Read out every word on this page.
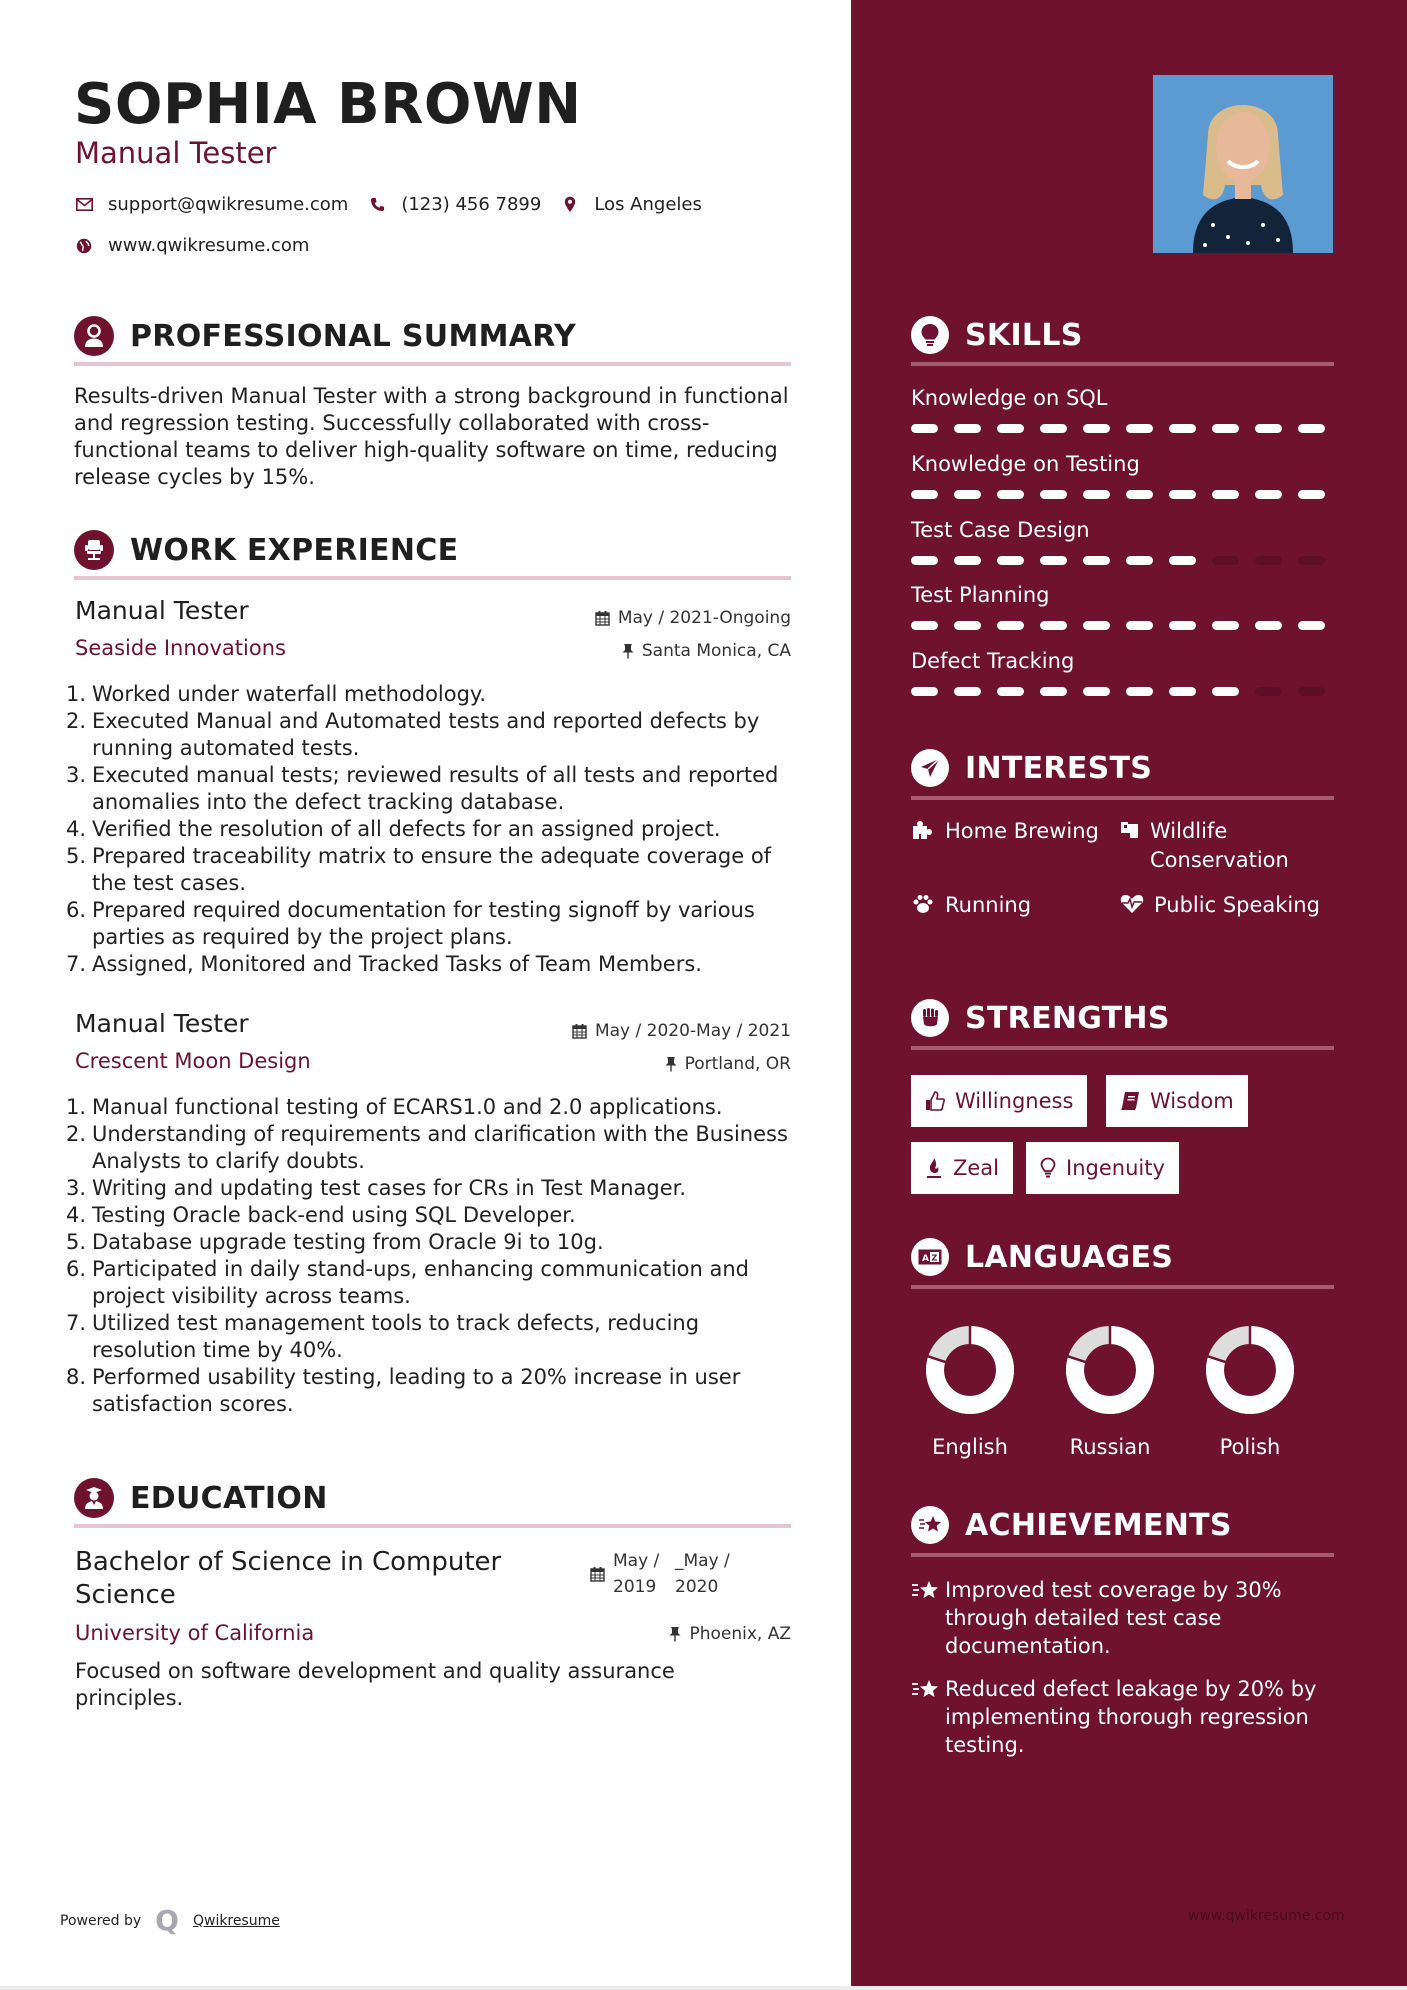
SOPHIA BROWN
Manual Tester
support@qwikresume.com	(123) 456 7899	Los Angeles
www.qwikresume.com
PROFESSIONAL SUMMARY

Results-driven Manual Tester with a strong background in functional and regression testing. Successfully collaborated with cross-functional teams to deliver high-quality software on time, reducing release cycles by 15%.

WORK EXPERIENCE
Manual Tester	May / 2021-Ongoing
Seaside Innovations	Santa Monica, CA
1. Worked under waterfall methodology.
2. Executed Manual and Automated tests and reported defects by running automated tests.
3. Executed manual tests; reviewed results of all tests and reported anomalies into the defect tracking database.
4. Verified the resolution of all defects for an assigned project.
5. Prepared traceability matrix to ensure the adequate coverage of the test cases.
6. Prepared required documentation for testing signoff by various parties as required by the project plans.
7. Assigned, Monitored and Tracked Tasks of Team Members.
Manual Tester	May / 2020-May / 2021
Crescent Moon Design	Portland, OR
1. Manual functional testing of ECARS1.0 and 2.0 applications.
2. Understanding of requirements and clarification with the Business Analysts to clarify doubts.
3. Writing and updating test cases for CRs in Test Manager.
4. Testing Oracle back-end using SQL Developer.
5. Database upgrade testing from Oracle 9i to 10g.
6. Participated in daily stand-ups, enhancing communication and project visibility across teams.
7. Utilized test management tools to track defects, reducing resolution time by 40%.
8. Performed usability testing, leading to a 20% increase in user satisfaction scores.
EDUCATION
Bachelor of Science in Computer Science
May / 2019
_May / 2020
University of California	Phoenix, AZ

Focused on software development and quality assurance principles.

Powered by Q Qwikresume
SKILLS
Knowledge on SQL
Knowledge on Testing
Test Case Design
Test Planning
Defect Tracking
INTERESTS
Home Brewing Wildlife Conservation
Running	Public Speaking
STRENGTHS
Willingness	Wisdom
Zeal	Ingenuity
A Z LANGUAGES
English	Russian	Polish
ACHIEVEMENTS
Improved test coverage by 30% through detailed test case documentation.
Reduced defect leakage by 20% by implementing thorough regression testing.
www.qwikresume.com
